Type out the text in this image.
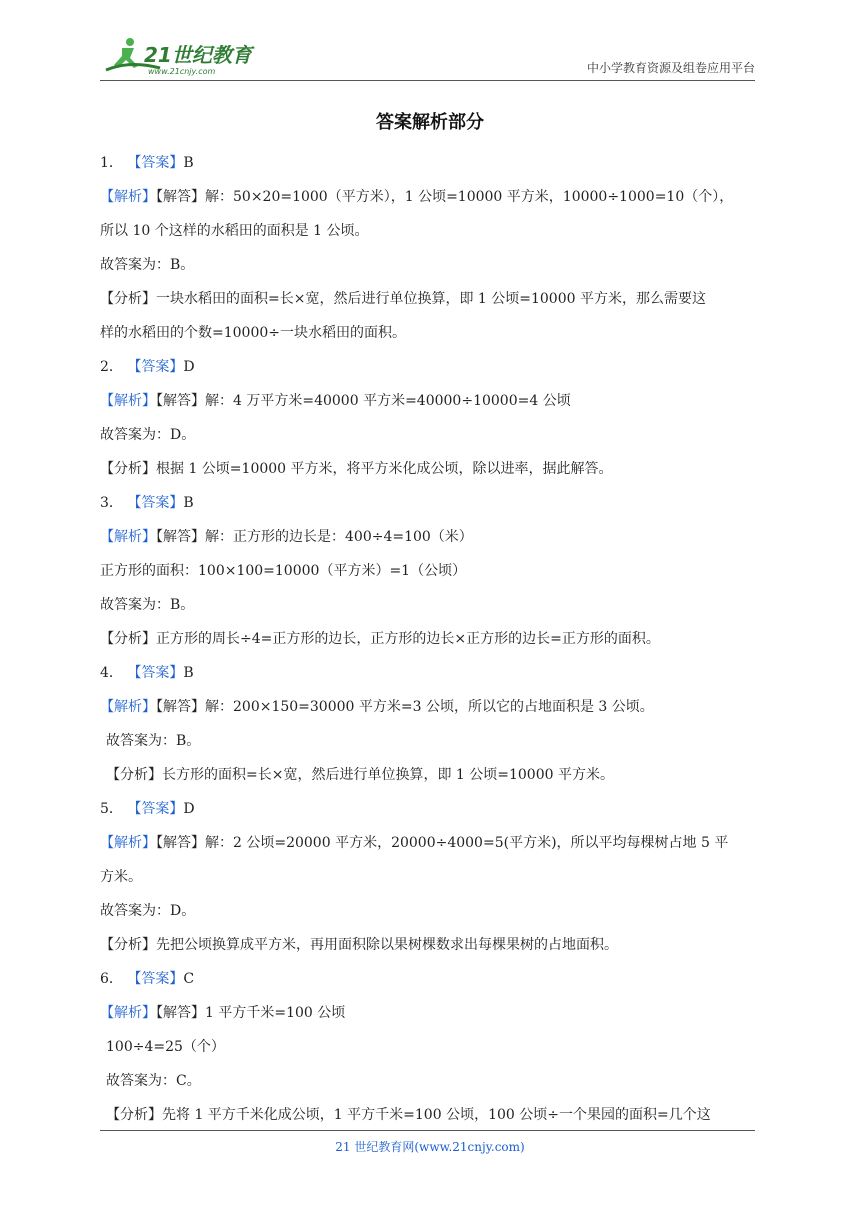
21世纪教育
www.21cnjy.com	中小学教育资源及组卷应用平台
答案解析部分
1． 【答案】B
【解析】【解答】解：50×20=1000（平方米），1 公顷=10000 平方米，10000÷1000=10（个），
所以 10 个这样的水稻田的面积是 1 公顷。
故答案为：B。
【分析】一块水稻田的面积=长×宽，然后进行单位换算，即 1 公顷=10000 平方米，那么需要这
样的水稻田的个数=10000÷一块水稻田的面积。
2． 【答案】D
【解析】【解答】解：4 万平方米=40000 平方米=40000÷10000=4 公顷
故答案为：D。
【分析】根据 1 公顷=10000 平方米，将平方米化成公顷，除以进率，据此解答。
3． 【答案】B
【解析】【解答】解：正方形的边长是：400÷4=100（米）
正方形的面积：100×100=10000（平方米）=1（公顷）
故答案为：B。
【分析】正方形的周长÷4=正方形的边长，正方形的边长×正方形的边长=正方形的面积。
4． 【答案】B
【解析】【解答】解：200×150=30000 平方米=3 公顷，所以它的占地面积是 3 公顷。
故答案为：B。
【分析】长方形的面积=长×宽，然后进行单位换算，即 1 公顷=10000 平方米。
5． 【答案】D
【解析】【解答】解：2 公顷=20000 平方米，20000÷4000=5(平方米)，所以平均每棵树占地 5 平
方米。
故答案为：D。
【分析】先把公顷换算成平方米，再用面积除以果树棵数求出每棵果树的占地面积。
6． 【答案】C
【解析】【解答】1 平方千米=100 公顷
100÷4=25（个）
故答案为：C。
【分析】先将 1 平方千米化成公顷，1 平方千米=100 公顷，100 公顷÷一个果园的面积=几个这
21 世纪教育网(www.21cnjy.com)
